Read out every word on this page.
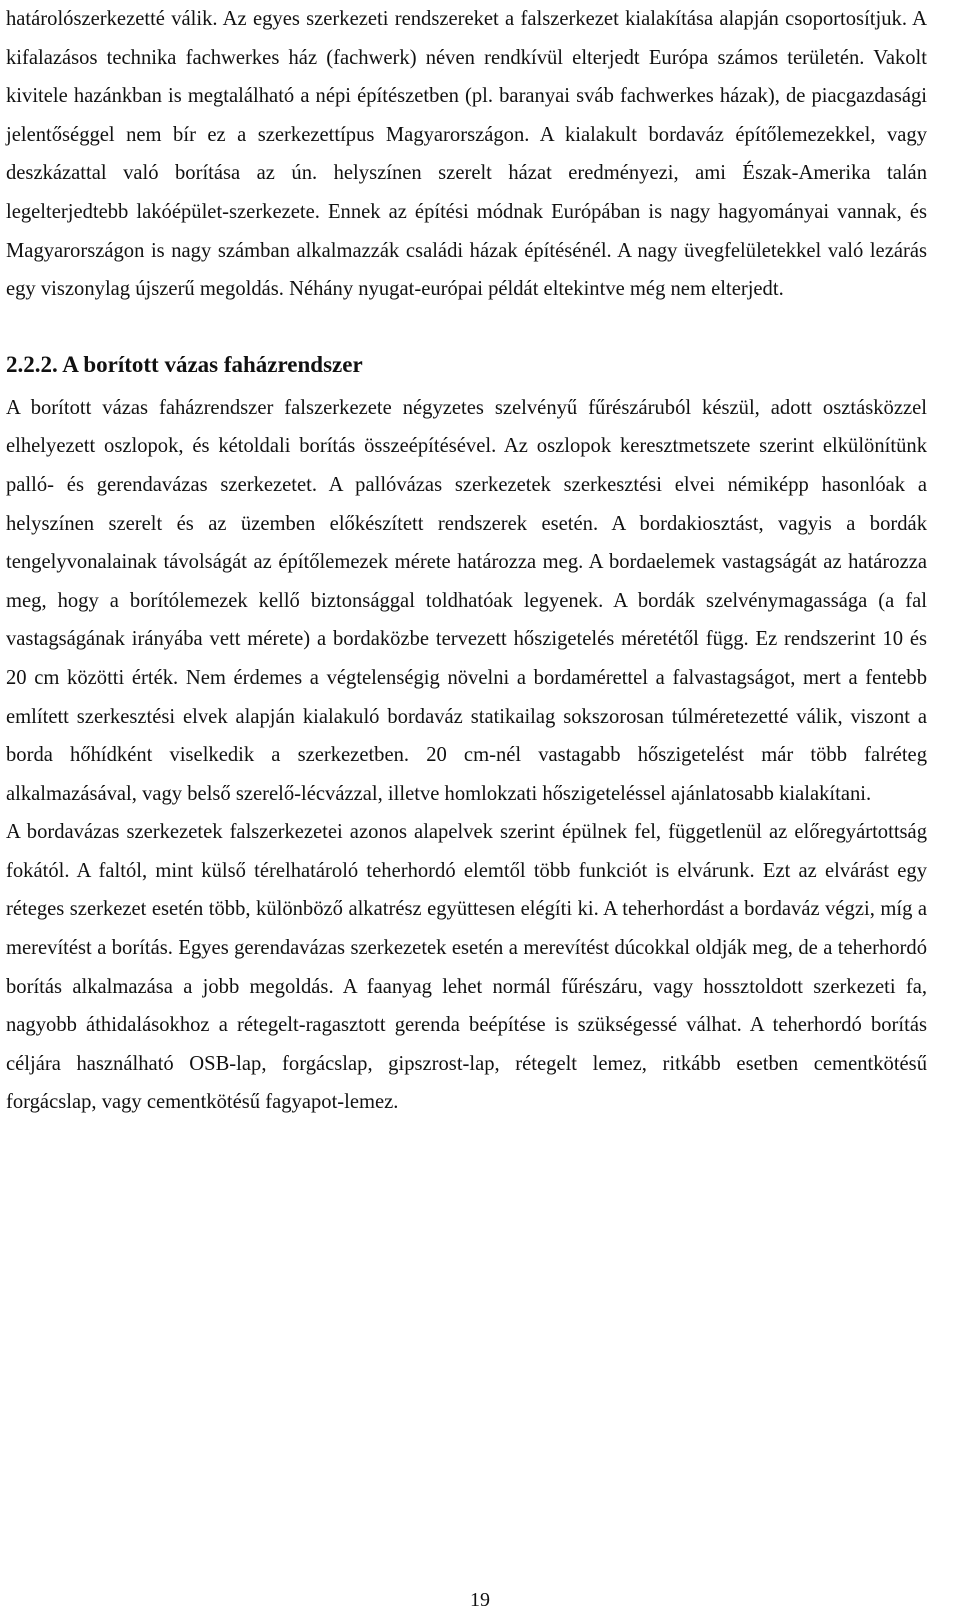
határolószerkezetté válik. Az egyes szerkezeti rendszereket a falszerkezet kialakítása alapján csoportosítjuk. A kifalazásos technika fachwerkes ház (fachwerk) néven rendkívül elterjedt Európa számos területén. Vakolt kivitele hazánkban is megtalálható a népi építészetben (pl. baranyai sváb fachwerkes házak), de piacgazdasági jelentőséggel nem bír ez a szerkezettípus Magyarországon. A kialakult bordaváz építőlemezekkel, vagy deszkázattal való borítása az ún. helyszínen szerelt házat eredményezi, ami Észak-Amerika talán legelterjedtebb lakóépület-szerkezete. Ennek az építési módnak Európában is nagy hagyományai vannak, és Magyarországon is nagy számban alkalmazzák családi házak építésénél. A nagy üvegfelületekkel való lezárás egy viszonylag újszerű megoldás. Néhány nyugat-európai példát eltekintve még nem elterjedt.

2.2.2. A borított vázas faházrendszer

A borított vázas faházrendszer falszerkezete négyzetes szelvényű fűrészáruból készül, adott osztásközzel elhelyezett oszlopok, és kétoldali borítás összeépítésével. Az oszlopok keresztmetszete szerint elkülönítünk palló- és gerendavázas szerkezetet. A pallóvázas szerkezetek szerkesztési elvei némiképp hasonlóak a helyszínen szerelt és az üzemben előkészített rendszerek esetén. A bordakiosztást, vagyis a bordák tengelyvonalainak távolságát az építőlemezek mérete határozza meg. A bordaelemek vastagságát az határozza meg, hogy a borítólemezek kellő biztonsággal toldhatóak legyenek. A bordák szelvénymagassága (a fal vastagságának irányába vett mérete) a bordaközbe tervezett hőszigetelés méretétől függ. Ez rendszerint 10 és 20 cm közötti érték. Nem érdemes a végtelenségig növelni a bordamérettel a falvastagságot, mert a fentebb említett szerkesztési elvek alapján kialakuló bordaváz statikailag sokszorosan túlméretezetté válik, viszont a borda hőhídként viselkedik a szerkezetben. 20 cm-nél vastagabb hőszigetelést már több falréteg alkalmazásával, vagy belső szerelő-lécvázzal, illetve homlokzati hőszigeteléssel ajánlatosabb kialakítani.

A bordavázas szerkezetek falszerkezetei azonos alapelvek szerint épülnek fel, függetlenül az előregyártottság fokától. A faltól, mint külső térelhatároló teherhordó elemtől több funkciót is elvárunk. Ezt az elvárást egy réteges szerkezet esetén több, különböző alkatrész együttesen elégíti ki. A teherhordást a bordaváz végzi, míg a merevítést a borítás. Egyes gerendavázas szerkezetek esetén a merevítést dúcokkal oldják meg, de a teherhordó borítás alkalmazása a jobb megoldás. A faanyag lehet normál fűrészáru, vagy hossztoldott szerkezeti fa, nagyobb áthidalásokhoz a rétegelt-ragasztott gerenda beépítése is szükségessé válhat. A teherhordó borítás céljára használható OSB-lap, forgácslap, gipszrost-lap, rétegelt lemez, ritkább esetben cementkötésű forgácslap, vagy cementkötésű fagyapot-lemez.

19
